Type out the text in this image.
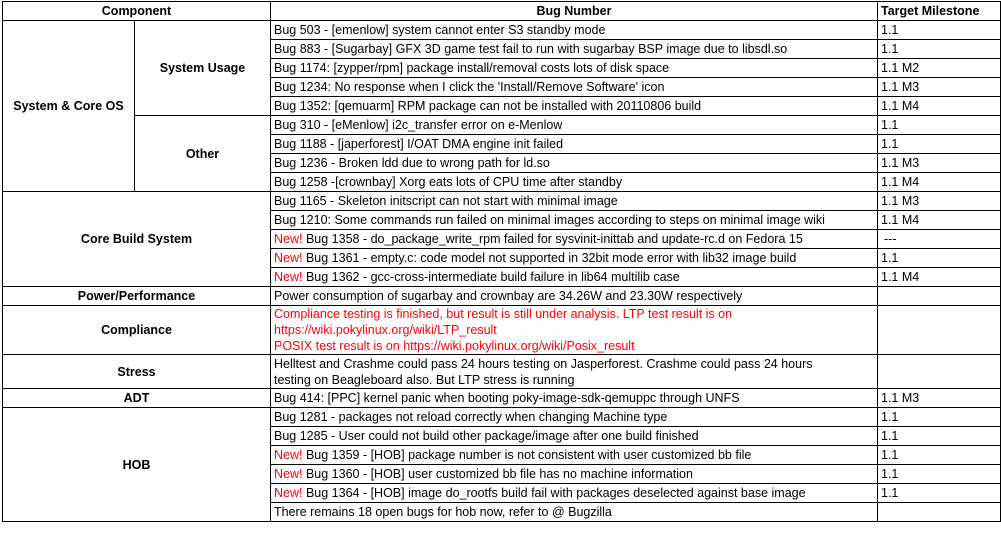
Component		Bug Number	Target Milestone
System & Core OS	System Usage	Bug 503 - [emenlow] system cannot enter S3 standby mode	1.1
		Bug 883 - [Sugarbay] GFX 3D game test fail to run with sugarbay BSP image due to libsdl.so	1.1
		Bug 1174: [zypper/rpm] package install/removal costs lots of disk space	1.1 M2
		Bug 1234: No response when I click the 'Install/Remove Software' icon	1.1 M3
		Bug 1352: [qemuarm] RPM package can not be installed with 20110806 build	1.1 M4
	Other	Bug 310 - [eMenlow] i2c_transfer error on e-Menlow	1.1
		Bug 1188 - [japerforest] I/OAT DMA engine init failed	1.1
		Bug 1236 - Broken ldd due to wrong path for ld.so	1.1 M3
		Bug 1258 -[crownbay] Xorg eats lots of CPU time after standby	1.1 M4
Core Build System		Bug 1165 - Skeleton initscript can not start with minimal image	1.1 M3
		Bug 1210: Some commands run failed on minimal images according to steps on minimal image wiki	1.1 M4
		New! Bug 1358 - do_package_write_rpm failed for sysvinit-inittab and update-rc.d on Fedora 15	---
		New! Bug 1361 - empty.c: code model not supported in 32bit mode error with lib32 image build	1.1
		New! Bug 1362 - gcc-cross-intermediate build failure in lib64 multilib case	1.1 M4
Power/Performance		Power consumption of sugarbay and crownbay are 34.26W and 23.30W respectively	
Compliance		Compliance testing is finished, but result is still under analysis. LTP test result is on
https://wiki.pokylinux.org/wiki/LTP_result
POSIX test result is on https://wiki.pokylinux.org/wiki/Posix_result	

Stress		Helltest and Crashme could pass 24 hours testing on Jasperforest. Crashme could pass 24 hours
testing on Beagleboard also. But LTP stress is running	

ADT		Bug 414: [PPC] kernel panic when booting poky-image-sdk-qemuppc through UNFS	1.1 M3
HOB		Bug 1281 - packages not reload correctly when changing Machine type	1.1
		Bug 1285 - User could not build other package/image after one build finished	1.1
		New! Bug 1359 - [HOB] package number is not consistent with user customized bb file	1.1
		New! Bug 1360 - [HOB] user customized bb file has no machine information	1.1
		New! Bug 1364 - [HOB] image do_rootfs build fail with packages deselected against base image	1.1
		There remains 18 open bugs for hob now, refer to @ Bugzilla	
